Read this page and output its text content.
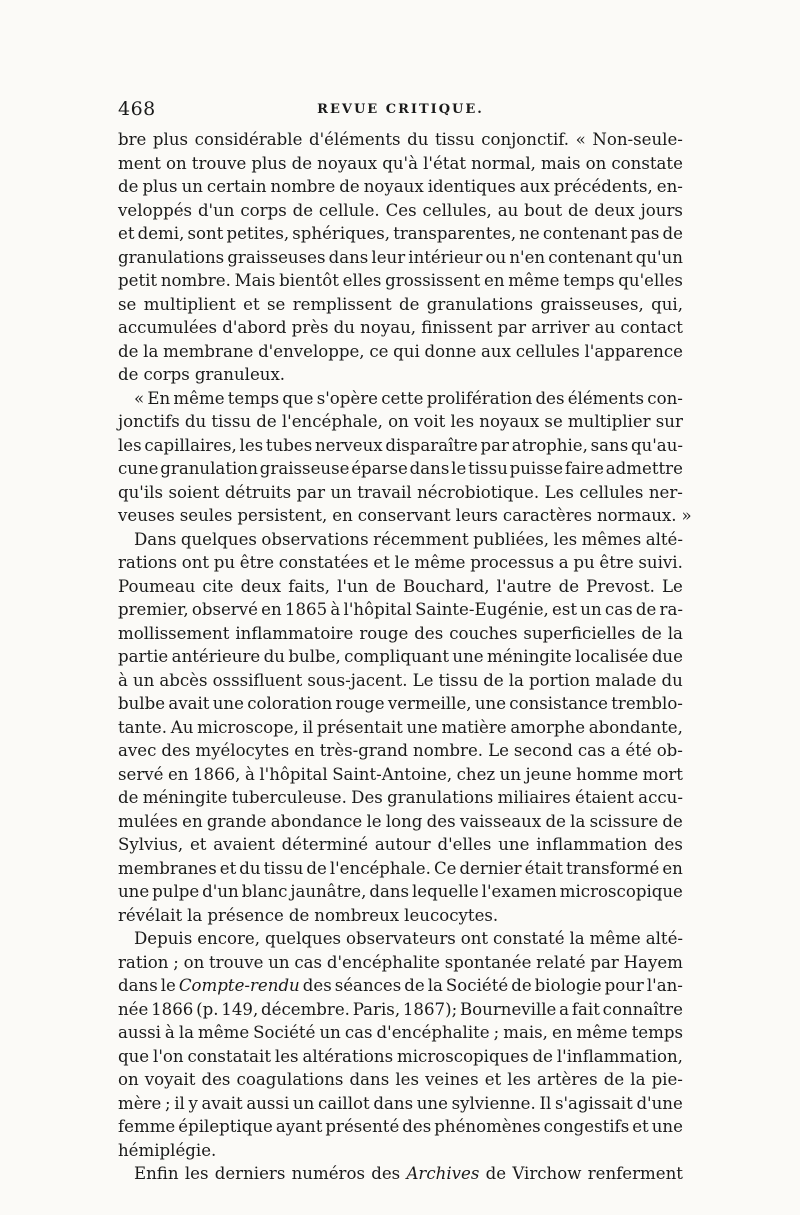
468	REVUE CRITIQUE.
bre plus considérable d'éléments du tissu conjonctif. « Non-seule-
ment on trouve plus de noyaux qu'à l'état normal, mais on constate
de plus un certain nombre de noyaux identiques aux précédents, en-
veloppés d'un corps de cellule. Ces cellules, au bout de deux jours
et demi, sont petites, sphériques, transparentes, ne contenant pas de
granulations graisseuses dans leur intérieur ou n'en contenant qu'un
petit nombre. Mais bientôt elles grossissent en même temps qu'elles
se multiplient et se remplissent de granulations graisseuses, qui,
accumulées d'abord près du noyau, finissent par arriver au contact
de la membrane d'enveloppe, ce qui donne aux cellules l'apparence
de corps granuleux.
« En même temps que s'opère cette prolifération des éléments con-
jonctifs du tissu de l'encéphale, on voit les noyaux se multiplier sur
les capillaires, les tubes nerveux disparaître par atrophie, sans qu'au-
cune granulation graisseuse éparse dans le tissu puisse faire admettre
qu'ils soient détruits par un travail nécrobiotique. Les cellules ner-
veuses seules persistent, en conservant leurs caractères normaux. »
Dans quelques observations récemment publiées, les mêmes alté-
rations ont pu être constatées et le même processus a pu être suivi.
Poumeau cite deux faits, l'un de Bouchard, l'autre de Prevost. Le
premier, observé en 1865 à l'hôpital Sainte-Eugénie, est un cas de ra-
mollissement inflammatoire rouge des couches superficielles de la
partie antérieure du bulbe, compliquant une méningite localisée due
à un abcès osssifluent sous-jacent. Le tissu de la portion malade du
bulbe avait une coloration rouge vermeille, une consistance tremblo-
tante. Au microscope, il présentait une matière amorphe abondante,
avec des myélocytes en très-grand nombre. Le second cas a été ob-
servé en 1866, à l'hôpital Saint-Antoine, chez un jeune homme mort
de méningite tuberculeuse. Des granulations miliaires étaient accu-
mulées en grande abondance le long des vaisseaux de la scissure de
Sylvius, et avaient déterminé autour d'elles une inflammation des
membranes et du tissu de l'encéphale. Ce dernier était transformé en
une pulpe d'un blanc jaunâtre, dans lequelle l'examen microscopique
révélait la présence de nombreux leucocytes.
Depuis encore, quelques observateurs ont constaté la même alté-
ration ; on trouve un cas d'encéphalite spontanée relaté par Hayem
dans le Compte-rendu des séances de la Société de biologie pour l'an-
née 1866 (p. 149, décembre. Paris, 1867); Bourneville a fait connaître
aussi à la même Société un cas d'encéphalite ; mais, en même temps
que l'on constatait les altérations microscopiques de l'inflammation,
on voyait des coagulations dans les veines et les artères de la pie-
mère ; il y avait aussi un caillot dans une sylvienne. Il s'agissait d'une
femme épileptique ayant présenté des phénomènes congestifs et une
hémiplégie.
Enfin les derniers numéros des Archives de Virchow renferment
